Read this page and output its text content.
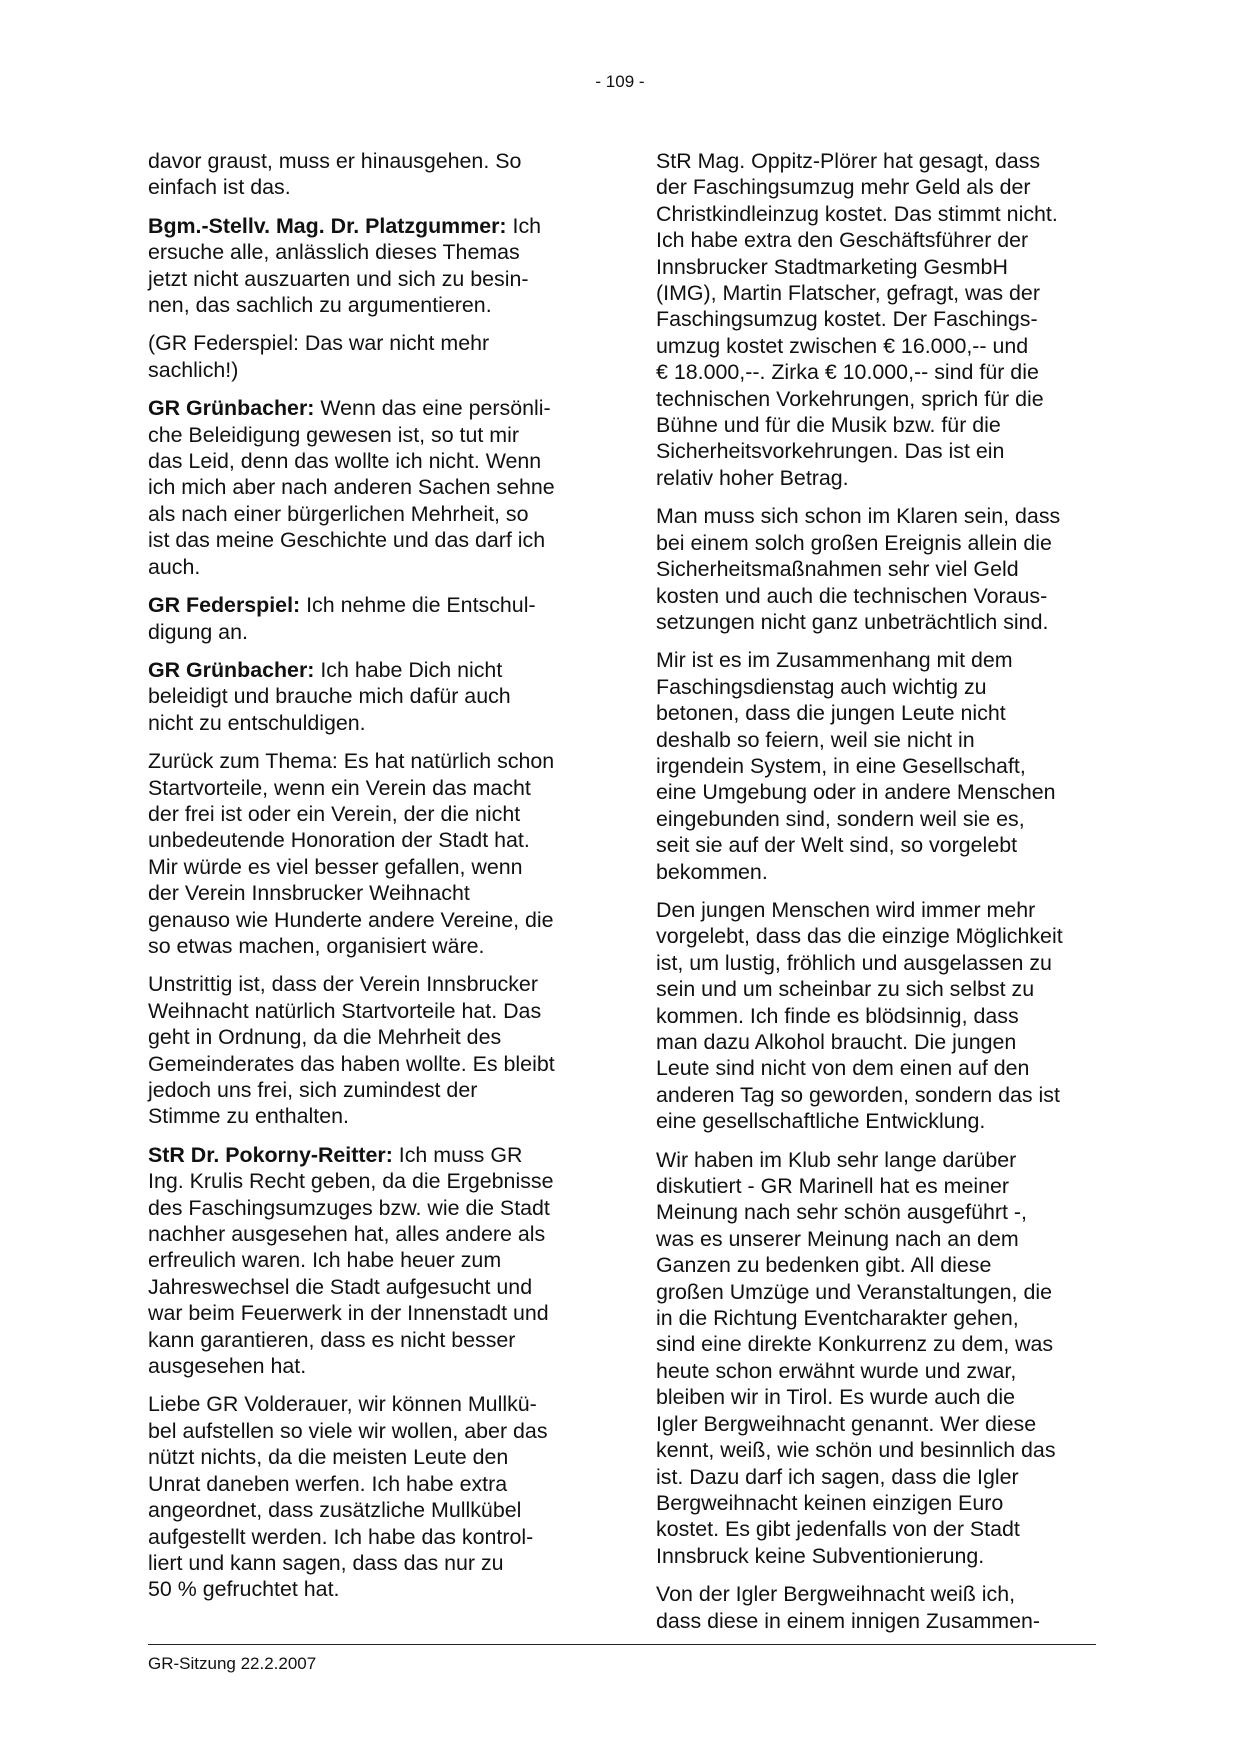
- 109 -

davor graust, muss er hinausgehen. So
einfach ist das.

Bgm.-Stellv. Mag. Dr. Platzgummer: Ich
ersuche alle, anlässlich dieses Themas
jetzt nicht auszuarten und sich zu besin-
nen, das sachlich zu argumentieren.

(GR Federspiel: Das war nicht mehr
sachlich!)

GR Grünbacher: Wenn das eine persönli-
che Beleidigung gewesen ist, so tut mir
das Leid, denn das wollte ich nicht. Wenn
ich mich aber nach anderen Sachen sehne
als nach einer bürgerlichen Mehrheit, so
ist das meine Geschichte und das darf ich
auch.

GR Federspiel: Ich nehme die Entschul-
digung an.

GR Grünbacher: Ich habe Dich nicht
beleidigt und brauche mich dafür auch
nicht zu entschuldigen.

Zurück zum Thema: Es hat natürlich schon
Startvorteile, wenn ein Verein das macht
der frei ist oder ein Verein, der die nicht
unbedeutende Honoration der Stadt hat.
Mir würde es viel besser gefallen, wenn
der Verein Innsbrucker Weihnacht
genauso wie Hunderte andere Vereine, die
so etwas machen, organisiert wäre.

Unstrittig ist, dass der Verein Innsbrucker
Weihnacht natürlich Startvorteile hat. Das
geht in Ordnung, da die Mehrheit des
Gemeinderates das haben wollte. Es bleibt
jedoch uns frei, sich zumindest der
Stimme zu enthalten.

StR Dr. Pokorny-Reitter: Ich muss GR
Ing. Krulis Recht geben, da die Ergebnisse
des Faschingsumzuges bzw. wie die Stadt
nachher ausgesehen hat, alles andere als
erfreulich waren. Ich habe heuer zum
Jahreswechsel die Stadt aufgesucht und
war beim Feuerwerk in der Innenstadt und
kann garantieren, dass es nicht besser
ausgesehen hat.

Liebe GR Volderauer, wir können Mullkü-
bel aufstellen so viele wir wollen, aber das
nützt nichts, da die meisten Leute den
Unrat daneben werfen. Ich habe extra
angeordnet, dass zusätzliche Mullkübel
aufgestellt werden. Ich habe das kontrol-
liert und kann sagen, dass das nur zu
50 % gefruchtet hat.

StR Mag. Oppitz-Plörer hat gesagt, dass
der Faschingsumzug mehr Geld als der
Christkindleinzug kostet. Das stimmt nicht.
Ich habe extra den Geschäftsführer der
Innsbrucker Stadtmarketing GesmbH
(IMG), Martin Flatscher, gefragt, was der
Faschingsumzug kostet. Der Faschings-
umzug kostet zwischen € 16.000,-- und
€ 18.000,--. Zirka € 10.000,-- sind für die
technischen Vorkehrungen, sprich für die
Bühne und für die Musik bzw. für die
Sicherheitsvorkehrungen. Das ist ein
relativ hoher Betrag.

Man muss sich schon im Klaren sein, dass
bei einem solch großen Ereignis allein die
Sicherheitsmaßnahmen sehr viel Geld
kosten und auch die technischen Voraus-
setzungen nicht ganz unbeträchtlich sind.

Mir ist es im Zusammenhang mit dem
Faschingsdienstag auch wichtig zu
betonen, dass die jungen Leute nicht
deshalb so feiern, weil sie nicht in
irgendein System, in eine Gesellschaft,
eine Umgebung oder in andere Menschen
eingebunden sind, sondern weil sie es,
seit sie auf der Welt sind, so vorgelebt
bekommen.

Den jungen Menschen wird immer mehr
vorgelebt, dass das die einzige Möglichkeit
ist, um lustig, fröhlich und ausgelassen zu
sein und um scheinbar zu sich selbst zu
kommen. Ich finde es blödsinnig, dass
man dazu Alkohol braucht. Die jungen
Leute sind nicht von dem einen auf den
anderen Tag so geworden, sondern das ist
eine gesellschaftliche Entwicklung.

Wir haben im Klub sehr lange darüber
diskutiert - GR Marinell hat es meiner
Meinung nach sehr schön ausgeführt -,
was es unserer Meinung nach an dem
Ganzen zu bedenken gibt. All diese
großen Umzüge und Veranstaltungen, die
in die Richtung Eventcharakter gehen,
sind eine direkte Konkurrenz zu dem, was
heute schon erwähnt wurde und zwar,
bleiben wir in Tirol. Es wurde auch die
Igler Bergweihnacht genannt. Wer diese
kennt, weiß, wie schön und besinnlich das
ist. Dazu darf ich sagen, dass die Igler
Bergweihnacht keinen einzigen Euro
kostet. Es gibt jedenfalls von der Stadt
Innsbruck keine Subventionierung.

Von der Igler Bergweihnacht weiß ich,
dass diese in einem innigen Zusammen-

GR-Sitzung 22.2.2007
